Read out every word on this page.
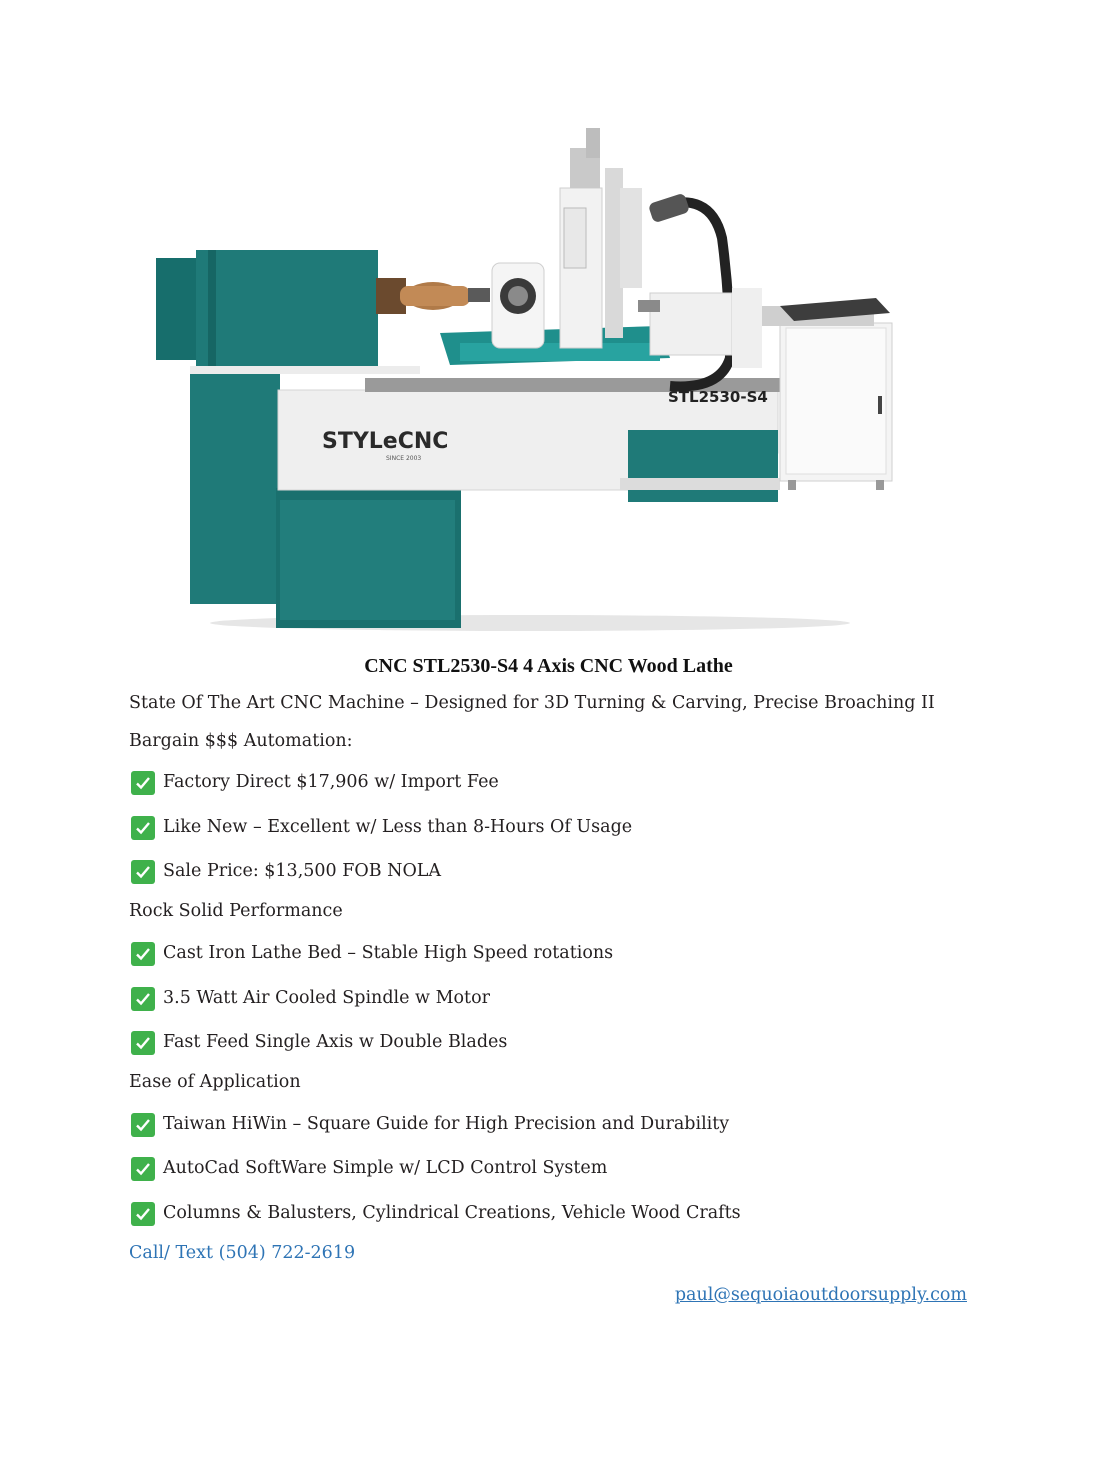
STYLeCNC
SINCE 2003
STL2530-S4
CNC STL2530-S4 4 Axis CNC Wood Lathe
State Of The Art CNC Machine – Designed for 3D Turning & Carving, Precise Broaching II
Bargain $$$ Automation:
Factory Direct $17,906 w/ Import Fee
Like New – Excellent w/ Less than 8-Hours Of Usage
Sale Price: $13,500 FOB NOLA
Rock Solid Performance
Cast Iron Lathe Bed – Stable High Speed rotations
3.5 Watt Air Cooled Spindle w Motor
Fast Feed Single Axis w Double Blades
Ease of Application
Taiwan HiWin – Square Guide for High Precision and Durability
AutoCad SoftWare Simple w/ LCD Control System
Columns & Balusters, Cylindrical Creations, Vehicle Wood Crafts
Call/ Text (504) 722-2619
paul@sequoiaoutdoorsupply.com
